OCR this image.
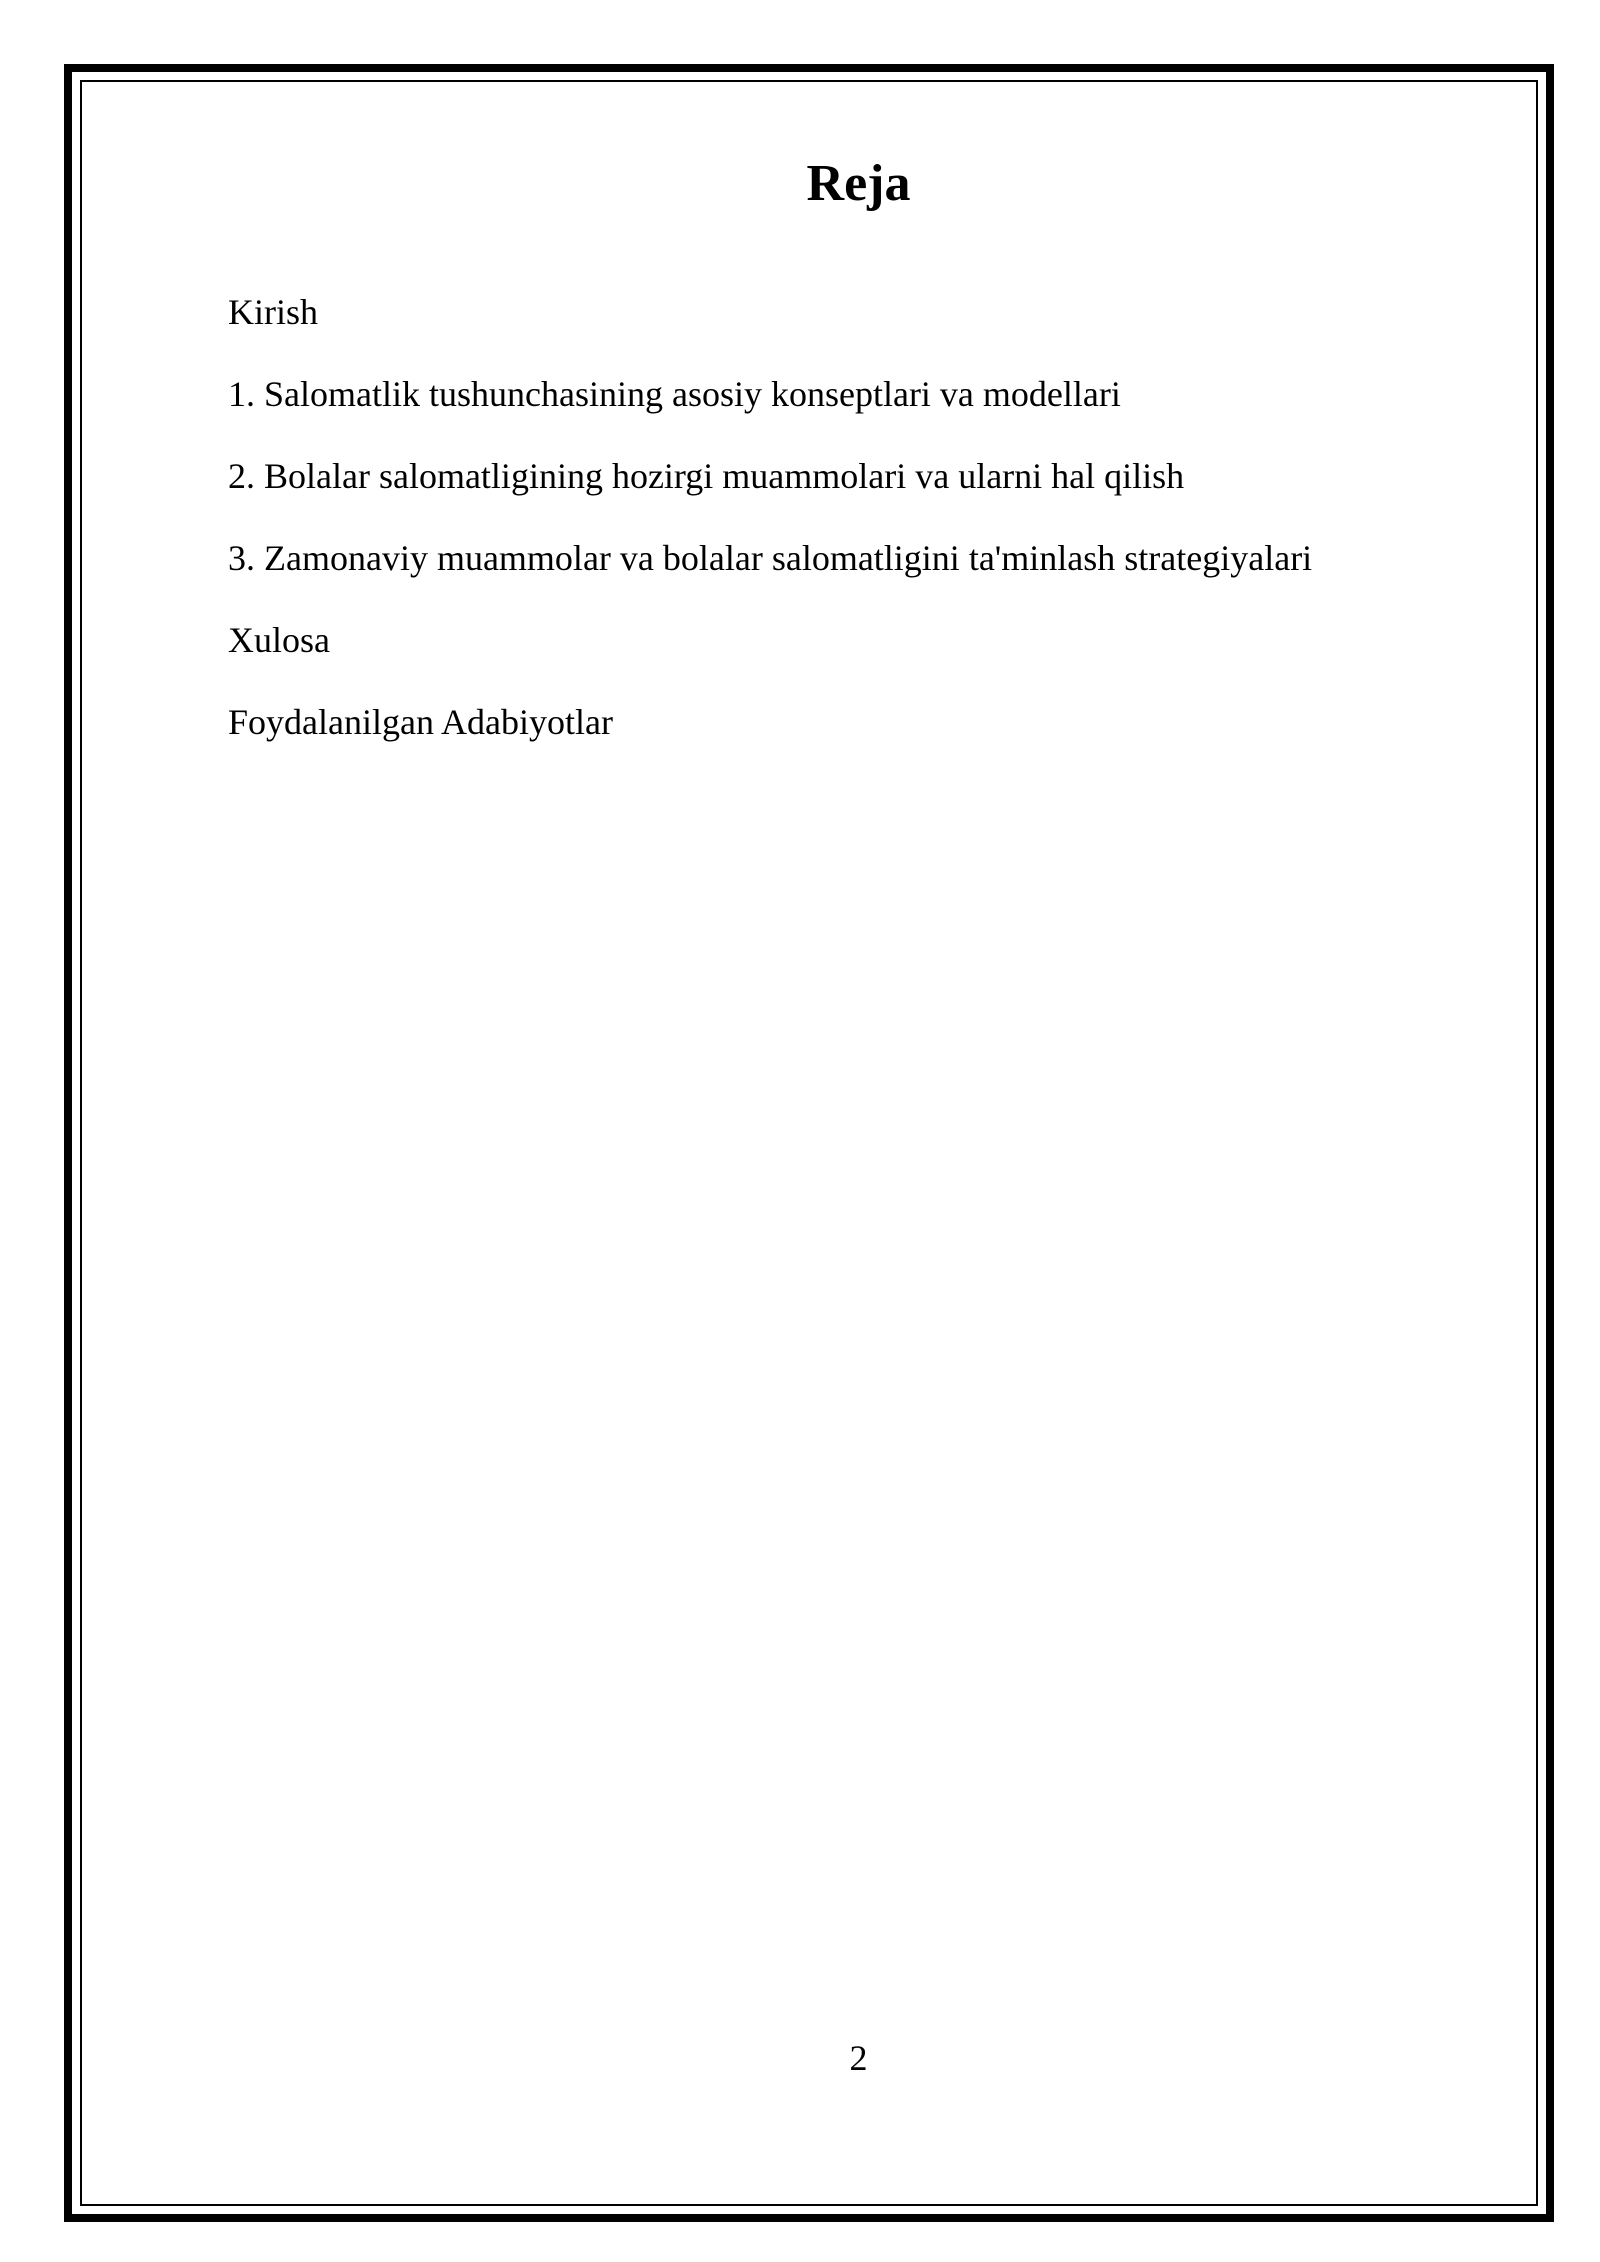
Reja
Kirish
1. Salomatlik tushunchasining asosiy konseptlari va modellari
2. Bolalar salomatligining hozirgi muammolari va ularni hal qilish
3. Zamonaviy muammolar va bolalar salomatligini ta'minlash strategiyalari
Xulosa
Foydalanilgan Adabiyotlar
2
